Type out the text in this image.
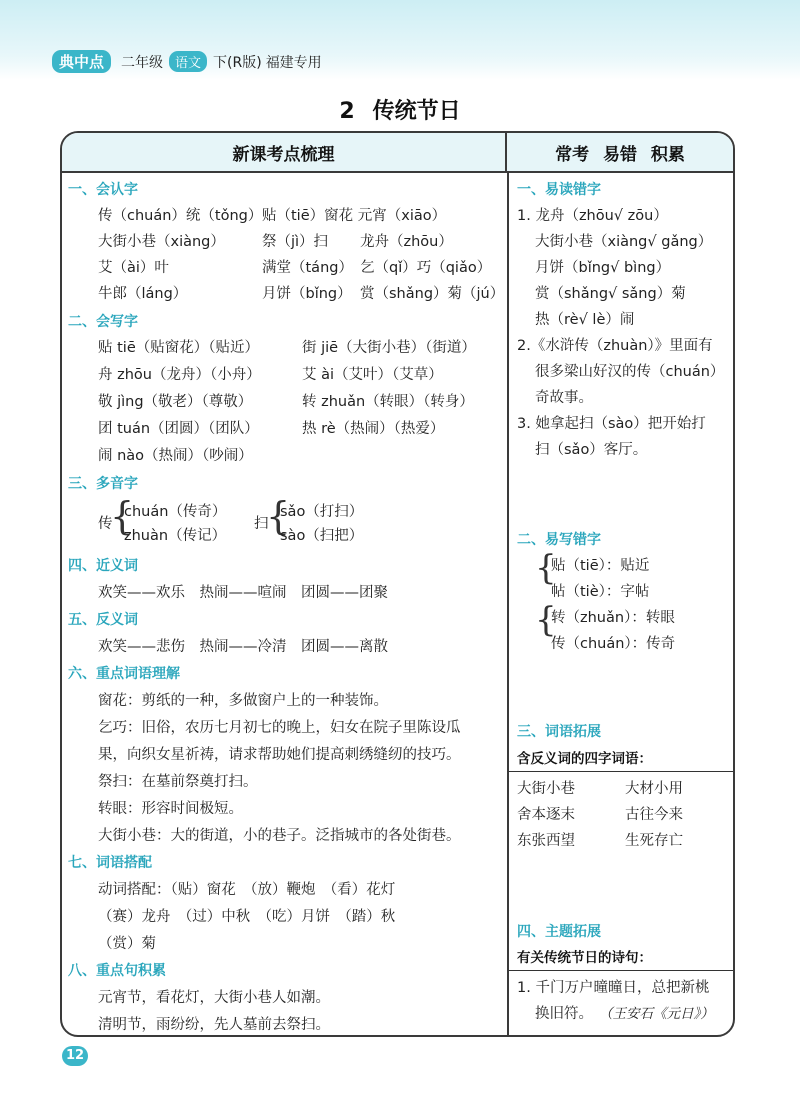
典中点	二年级 语文 下 (R版) 福建专用
2 传统节日
新课考点梳理	常考 易错 积累
一、会认字
传（chuán）统（tǒng） 贴（tiē）窗花 元宵（xiāo）
大街小巷（xiàng）	祭（jì）扫 龙舟（zhōu）
艾（ài）叶	满堂（táng） 乞（qǐ）巧（qiǎo）
牛郎（láng）	月饼（bǐng） 赏（shǎng）菊（jú）
二、会写字
贴 tiē（贴窗花）（贴近）	街 jiē（大街小巷）（街道）
舟 zhōu（龙舟）（小舟）	艾 ài（艾叶）（艾草）
敬 jìng（敬老）（尊敬）	转 zhuǎn（转眼）（转身）
团 tuán（团圆）（团队）	热 rè（热闹）（热爱）
闹 nào（热闹）（吵闹）
三、多音字
传
{
chuán（传奇）
zhuàn（传记）
扫
{
sǎo（打扫）
sào（扫把）
四、近义词
欢笑——欢乐　热闹——喧闹　团圆——团聚
五、反义词
欢笑——悲伤　热闹——冷清　团圆——离散
六、重点词语理解
窗花：剪纸的一种，多做窗户上的一种装饰。
乞巧：旧俗，农历七月初七的晚上，妇女在院子里陈设瓜
果，向织女星祈祷，请求帮助她们提高刺绣缝纫的技巧。
祭扫：在墓前祭奠打扫。
转眼：形容时间极短。
大街小巷：大的街道，小的巷子。泛指城市的各处街巷。
七、词语搭配
动词搭配：（贴）窗花　（放）鞭炮　（看）花灯
（赛）龙舟　（过）中秋　（吃）月饼　（踏）秋
（赏）菊
八、重点句积累
元宵节，看花灯，大街小巷人如潮。
清明节，雨纷纷，先人墓前去祭扫。
一、易读错字
1. 龙舟（zhōu√ zōu）
大街小巷（xiàng√ gǎng）
月饼（bǐng√ bìng）
赏（shǎng√ sǎng）菊
热（rè√ lè）闹
2.《水浒传（zhuàn）》里面有
很多梁山好汉的传（chuán）
奇故事。
3. 她拿起扫（sào）把开始打
扫（sǎo）客厅。
二、易写错字
{
贴（tiē）：贴近
帖（tiè）：字帖
{
转（zhuǎn）：转眼
传（chuán）：传奇
三、词语拓展
含反义词的四字词语：
大街小巷	大材小用
舍本逐末	古往今来
东张西望	生死存亡
四、主题拓展
有关传统节日的诗句：
1. 千门万户曈曈日，总把新桃
换旧符。 （王安石《元日》）
12
